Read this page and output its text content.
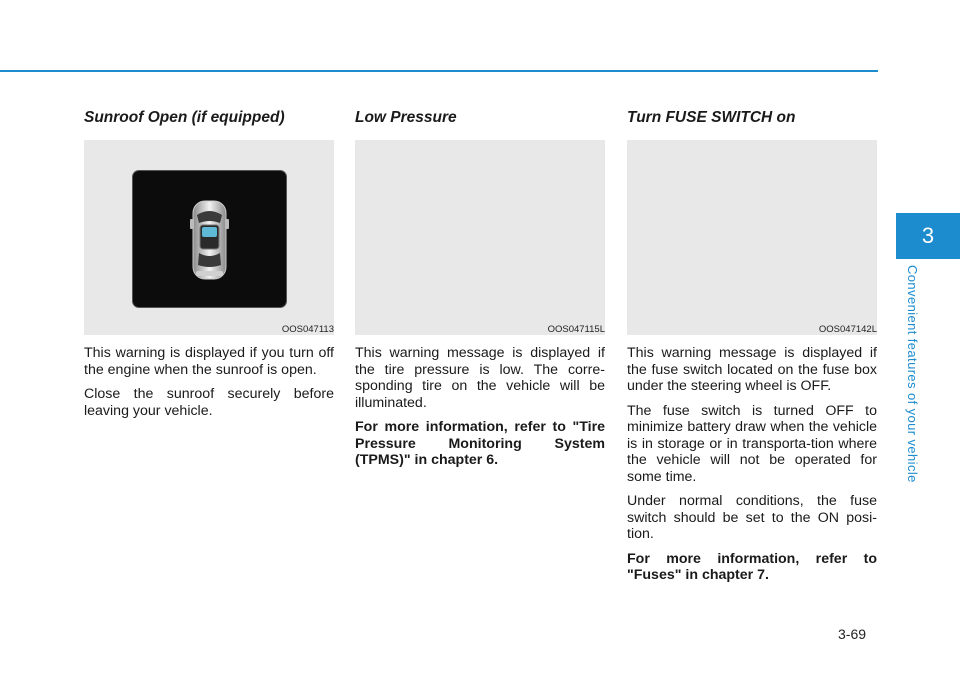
3
Convenient features of your vehicle
Sunroof Open (if equipped)
OOS047113

This warning is displayed if you turn off the engine when the sunroof is open.

Close the sunroof securely before leaving your vehicle.

Low Pressure
OOS047115L

This warning message is displayed if the tire pressure is low. The corre-sponding tire on the vehicle will be illuminated.

For more information, refer to "Tire Pressure Monitoring System (TPMS)" in chapter 6.

Turn FUSE SWITCH on
OOS047142L

This warning message is displayed if the fuse switch located on the fuse box under the steering wheel is OFF.

The fuse switch is turned OFF to minimize battery draw when the vehicle is in storage or in transporta-tion where the vehicle will not be operated for some time.

Under normal conditions, the fuse switch should be set to the ON posi-tion.

For more information, refer to "Fuses" in chapter 7.

3-69
